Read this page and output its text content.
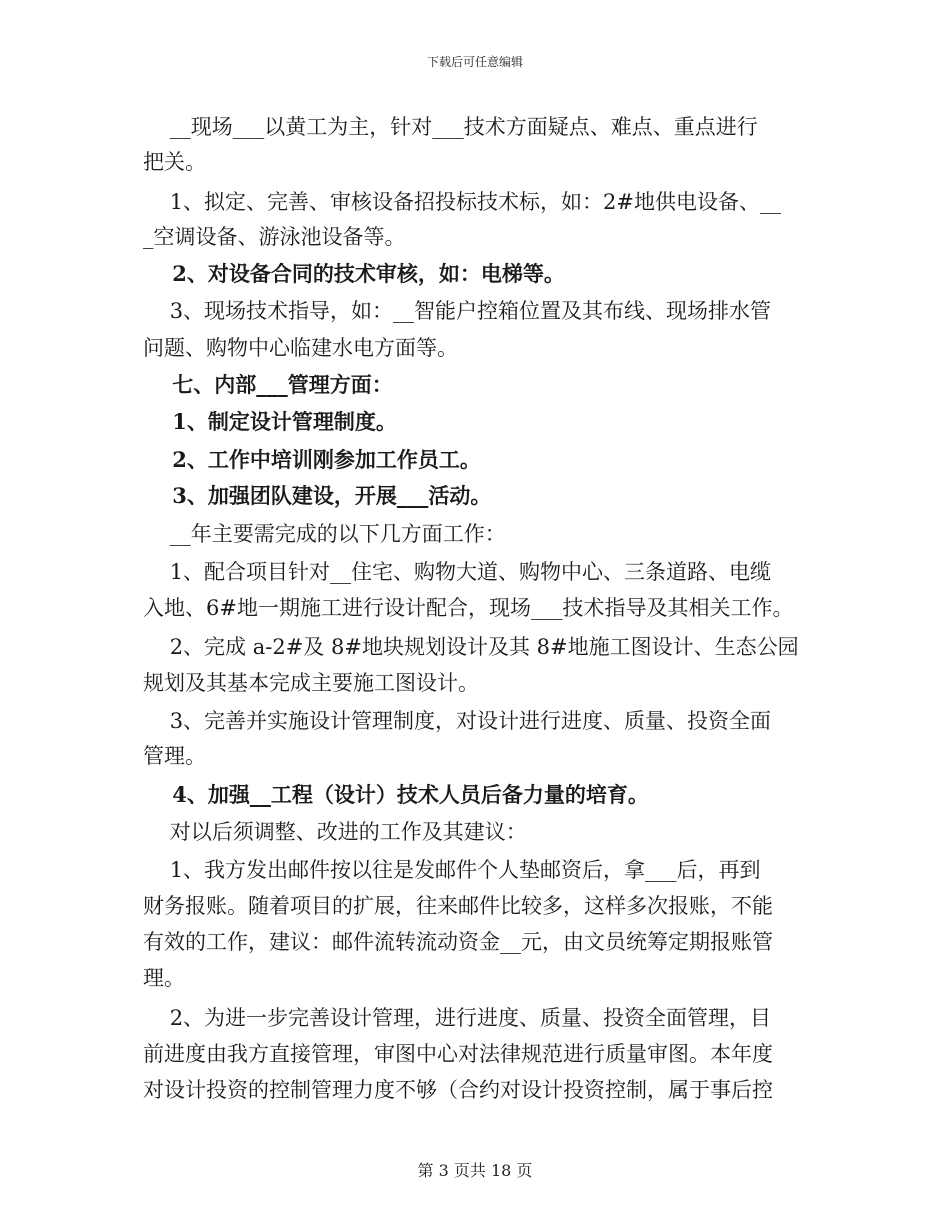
下载后可任意编辑
__现场___以黄工为主，针对___技术方面疑点、难点、重点进行
把关。
1、拟定、完善、审核设备招投标技术标，如：2#地供电设备、__
_空调设备、游泳池设备等。
2、对设备合同的技术审核，如：电梯等。
3、现场技术指导，如：__智能户控箱位置及其布线、现场排水管
问题、购物中心临建水电方面等。
七、内部___管理方面：
1、制定设计管理制度。
2、工作中培训刚参加工作员工。
3、加强团队建设，开展___活动。
__年主要需完成的以下几方面工作：
1、配合项目针对__住宅、购物大道、购物中心、三条道路、电缆
入地、6#地一期施工进行设计配合，现场___技术指导及其相关工作。
2、完成 a-2#及 8#地块规划设计及其 8#地施工图设计、生态公园
规划及其基本完成主要施工图设计。
3、完善并实施设计管理制度，对设计进行进度、质量、投资全面
管理。
4、加强__工程（设计）技术人员后备力量的培育。
对以后须调整、改进的工作及其建议：
1、我方发出邮件按以往是发邮件个人垫邮资后，拿___后，再到
财务报账。随着项目的扩展，往来邮件比较多，这样多次报账，不能
有效的工作，建议：邮件流转流动资金__元，由文员统筹定期报账管
理。
2、为进一步完善设计管理，进行进度、质量、投资全面管理，目
前进度由我方直接管理，审图中心对法律规范进行质量审图。本年度
对设计投资的控制管理力度不够（合约对设计投资控制，属于事后控
第 3 页共 18 页
